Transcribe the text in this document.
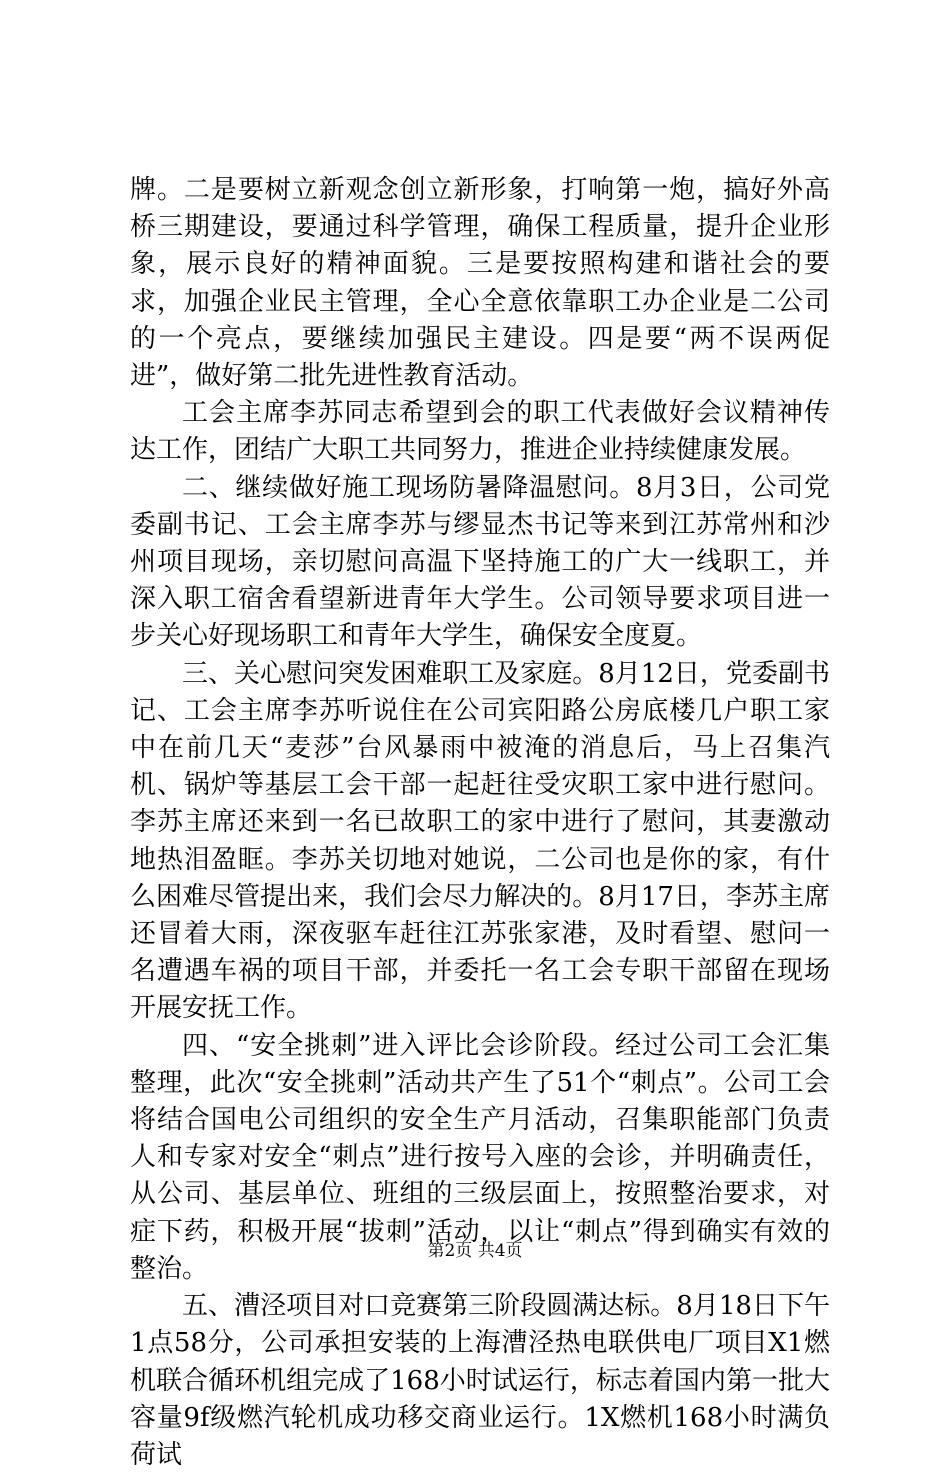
牌。二是要树立新观念创立新形象，打响第一炮，搞好外高桥三期建设，要通过科学管理，确保工程质量，提升企业形象，展示良好的精神面貌。三是要按照构建和谐社会的要求，加强企业民主管理，全心全意依靠职工办企业是二公司的一个亮点，要继续加强民主建设。四是要“两不误两促进”，做好第二批先进性教育活动。

工会主席李苏同志希望到会的职工代表做好会议精神传达工作，团结广大职工共同努力，推进企业持续健康发展。

二、继续做好施工现场防暑降温慰问。8月3日，公司党委副书记、工会主席李苏与缪显杰书记等来到江苏常州和沙州项目现场，亲切慰问高温下坚持施工的广大一线职工，并深入职工宿舍看望新进青年大学生。公司领导要求项目进一步关心好现场职工和青年大学生，确保安全度夏。

三、关心慰问突发困难职工及家庭。8月12日，党委副书记、工会主席李苏听说住在公司宾阳路公房底楼几户职工家中在前几天“麦莎”台风暴雨中被淹的消息后，马上召集汽机、锅炉等基层工会干部一起赶往受灾职工家中进行慰问。李苏主席还来到一名已故职工的家中进行了慰问，其妻激动地热泪盈眶。李苏关切地对她说，二公司也是你的家，有什么困难尽管提出来，我们会尽力解决的。8月17日，李苏主席还冒着大雨，深夜驱车赶往江苏张家港，及时看望、慰问一名遭遇车祸的项目干部，并委托一名工会专职干部留在现场开展安抚工作。

四、“安全挑刺”进入评比会诊阶段。经过公司工会汇集整理，此次“安全挑刺”活动共产生了51个“刺点”。公司工会将结合国电公司组织的安全生产月活动，召集职能部门负责人和专家对安全“刺点”进行按号入座的会诊，并明确责任，从公司、基层单位、班组的三级层面上，按照整治要求，对症下药，积极开展“拔刺”活动，以让“刺点”得到确实有效的整治。

五、漕泾项目对口竞赛第三阶段圆满达标。8月18日下午1点58分，公司承担安装的上海漕泾热电联供电厂项目X1燃机联合循环机组完成了168小时试运行，标志着国内第一批大容量9f级燃汽轮机成功移交商业运行。1X燃机168小时满负荷试

第2页 共4页
